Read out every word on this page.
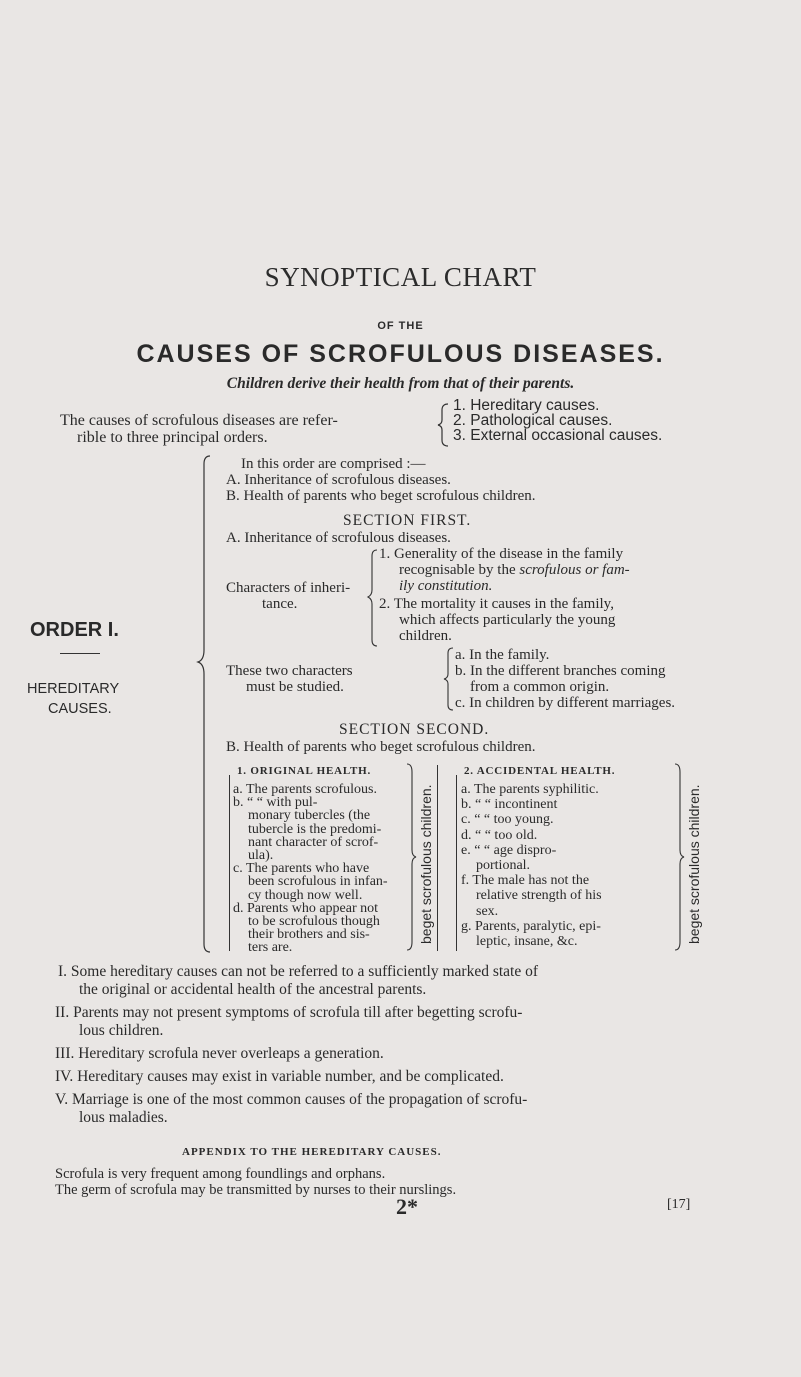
SYNOPTICAL CHART
OF THE
CAUSES OF SCROFULOUS DISEASES.
Children derive their health from that of their parents.
The causes of scrofulous diseases are refer-
rible to three principal orders.
1. Hereditary causes.
2. Pathological causes.
3. External occasional causes.
ORDER I.
HEREDITARY
CAUSES.
In this order are comprised :—
A. Inheritance of scrofulous diseases.
B. Health of parents who beget scrofulous children.
SECTION FIRST.
A. Inheritance of scrofulous diseases.
Characters of inheri-
tance.
1. Generality of the disease in the family
recognisable by the scrofulous or fam-
ily constitution.
2. The mortality it causes in the family,
which affects particularly the young
children.
These two characters
must be studied.
a. In the family.
b. In the different branches coming
from a common origin.
c. In children by different marriages.
SECTION SECOND.
B. Health of parents who beget scrofulous children.
1. ORIGINAL HEALTH.
a. The parents scrofulous.
b. “ “ with pul-
monary tubercles (the
tubercle is the predomi-
nant character of scrof-
ula).
c. The parents who have
been scrofulous in infan-
cy though now well.
d. Parents who appear not
to be scrofulous though
their brothers and sis-
ters are.
beget scrofulous children.
2. ACCIDENTAL HEALTH.
a. The parents syphilitic.
b. “ “ incontinent
c. “ “ too young.
d. “ “ too old.
e. “ “ age dispro-
portional.
f. The male has not the
relative strength of his
sex.
g. Parents, paralytic, epi-
leptic, insane, &c.	beget scrofulous children.
I. Some hereditary causes can not be referred to a sufficiently marked state of
the original or accidental health of the ancestral parents.
II. Parents may not present symptoms of scrofula till after begetting scrofu-
lous children.
III. Hereditary scrofula never overleaps a generation.
IV. Hereditary causes may exist in variable number, and be complicated.
V. Marriage is one of the most common causes of the propagation of scrofu-
lous maladies.
APPENDIX TO THE HEREDITARY CAUSES.
Scrofula is very frequent among foundlings and orphans.
The germ of scrofula may be transmitted by nurses to their nurslings.
2*	[17]
